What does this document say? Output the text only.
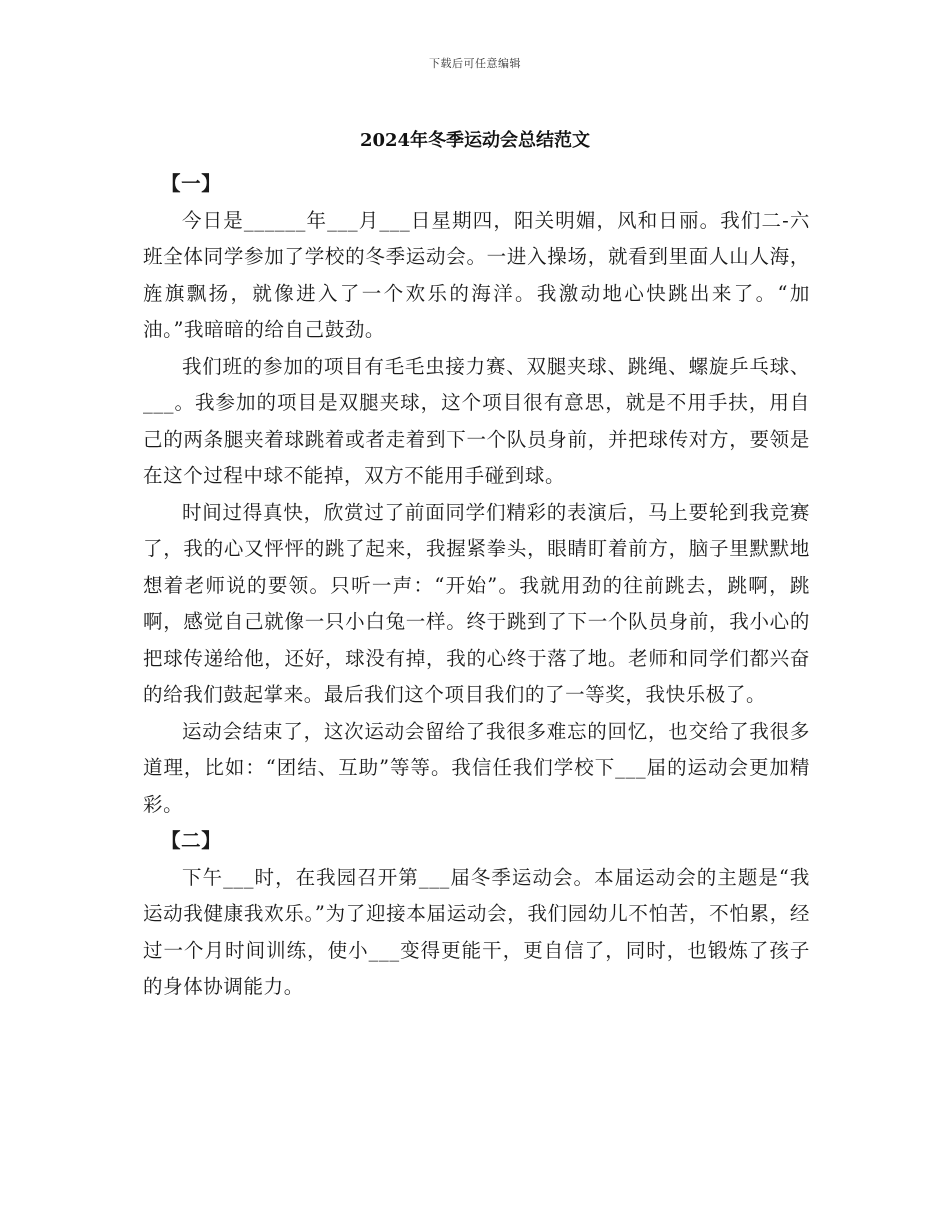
下载后可任意编辑
2024年冬季运动会总结范文
【一】

今日是______年___月___日星期四，阳关明媚，风和日丽。我们二-六班全体同学参加了学校的冬季运动会。一进入操场，就看到里面人山人海，旌旗飘扬，就像进入了一个欢乐的海洋。我激动地心快跳出来了。“加油。”我暗暗的给自己鼓劲。

我们班的参加的项目有毛毛虫接力赛、双腿夹球、跳绳、螺旋乒乓球、___。我参加的项目是双腿夹球，这个项目很有意思，就是不用手扶，用自己的两条腿夹着球跳着或者走着到下一个队员身前，并把球传对方，要领是在这个过程中球不能掉，双方不能用手碰到球。

时间过得真快，欣赏过了前面同学们精彩的表演后，马上要轮到我竞赛了，我的心又怦怦的跳了起来，我握紧拳头，眼睛盯着前方，脑子里默默地想着老师说的要领。只听一声：“开始”。我就用劲的往前跳去，跳啊，跳啊，感觉自己就像一只小白兔一样。终于跳到了下一个队员身前，我小心的把球传递给他，还好，球没有掉，我的心终于落了地。老师和同学们都兴奋的给我们鼓起掌来。最后我们这个项目我们的了一等奖，我快乐极了。

运动会结束了，这次运动会留给了我很多难忘的回忆，也交给了我很多道理，比如：“团结、互助”等等。我信任我们学校下___届的运动会更加精彩。

【二】

下午___时，在我园召开第___届冬季运动会。本届运动会的主题是“我运动我健康我欢乐。”为了迎接本届运动会，我们园幼儿不怕苦，不怕累，经过一个月时间训练，使小___变得更能干，更自信了，同时，也锻炼了孩子的身体协调能力。
